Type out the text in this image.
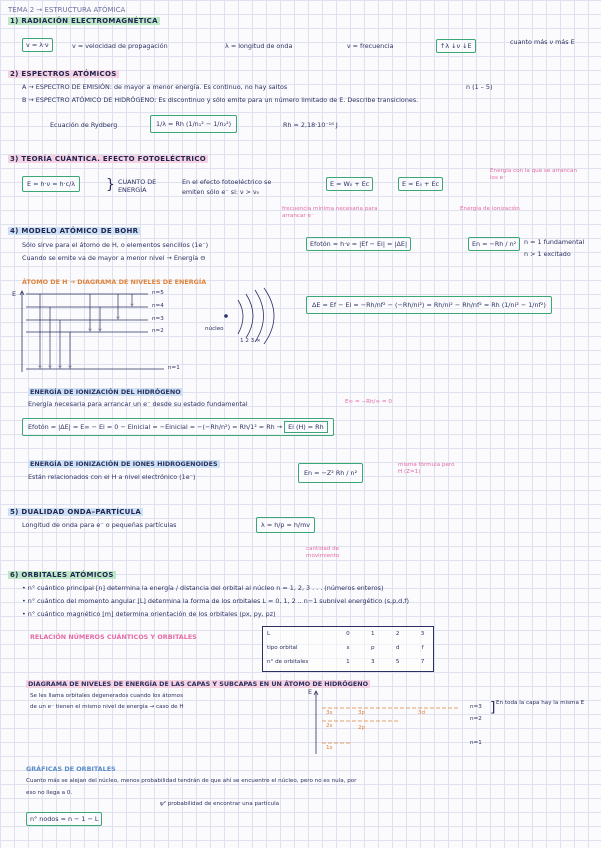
TEMA 2 → ESTRUCTURA ATÓMICA
1) RADIACIÓN ELECTROMAGNÉTICA
v = λ·ν	v = velocidad de propagación	λ = longitud de onda	ν = frecuencia	↑λ ↓ν ↓E	cuanto más ν más E
2) ESPECTROS ATÓMICOS
A → ESPECTRO DE EMISIÓN: de mayor a menor energía. Es continuo, no hay saltos	n (1 – 5)
B → ESPECTRO ATÓMICO DE HIDRÓGENO: Es discontinuo y sólo emite para un número limitado de E. Describe transiciones.
Ecuación de Rydberg	1/λ = Rh (1/n₁² − 1/n₂²)	Rh = 2,18·10⁻¹⁸ J
3) TEORÍA CUÁNTICA. EFECTO FOTOELÉCTRICO
E = h·ν = h·c/λ	} CUANTO DE ENERGÍA
En el efecto fotoeléctrico se
emiten sólo e⁻ si: ν > ν₀
E = W₀ + Ec	E = E₀ + Ec
Energía con la que se arrancan los e⁻
frecuencia mínima necesaria para arrancar e⁻
Energía de ionización
4) MODELO ATÓMICO DE BOHR
Sólo sirve para el átomo de H, o elementos sencillos (1e⁻)
Cuando se emite va de mayor a menor nivel → Energía ⊖
Efotón = h·ν = |Ef − Ei| = |ΔE|	En = −Rh / n²	n = 1 fundamental
n > 1 excitado
ÁTOMO DE H → DIAGRAMA DE NIVELES DE ENERGÍA
E	n=5
n=4
n=3
n=2
n=1
núcleo
1 2 3 ∞
ΔE = Ef − Ei = −Rh/nf² − (−Rh/ni²) = Rh/ni² − Rh/nf² = Rh (1/ni² − 1/nf²)
ENERGÍA DE IONIZACIÓN DEL HIDRÓGENO
Energía necesaria para arrancar un e⁻ desde su estado fundamental	E∞ = −Rh/∞ = 0
Efotón = |ΔE| = E∞ − Ei = 0 − Einicial = −Einicial = −(−Rh/n²) = Rh/1² = Rh → Ei (H) = Rh
ENERGÍA DE IONIZACIÓN DE IONES HIDROGENOIDES
Están relacionados con el H a nivel electrónico (1e⁻)	En = −Z² Rh / n²
misma fórmula pero H (Z=1)
5) DUALIDAD ONDA–PARTÍCULA
Longitud de onda para e⁻ o pequeñas partículas	λ = h/p = h/mv
cantidad de movimiento
6) ORBITALES ATÓMICOS
• n° cuántico principal [n] determina la energía / distancia del orbital al núcleo n = 1, 2, 3 . . . (números enteros)
• n° cuántico del momento angular [L] determina la forma de los orbitales L = 0, 1, 2 .. n−1 subnivel energético (s,p,d,f)
• n° cuántico magnético [m] determina orientación de los orbitales (px, py, pz)
RELACIÓN NÚMEROS CUÁNTICOS Y ORBITALES	L	0	1	2	3
tipo orbital	s	p	d	f
n° de orbitales	1	3	5	7
DIAGRAMA DE NIVELES DE ENERGÍA DE LAS CAPAS Y SUBCAPAS EN UN ÁTOMO DE HIDRÓGENO
Se les llama orbitales degenerados cuando los átomos
de un e⁻ tienen el mismo nivel de energía → caso de H
E
3s	3p	3d
2s	2p
1s
n=3
n=2
n=1
En toda la capa hay la misma E
GRÁFICAS DE ORBITALES
Cuanto más se alejan del núcleo, menos probabilidad tendrán de que ahí se encuentre el núcleo, pero no es nula, por
eso no llega a 0.
ψ² probabilidad de encontrar una partícula
n° nodos = n − 1 − L
]
